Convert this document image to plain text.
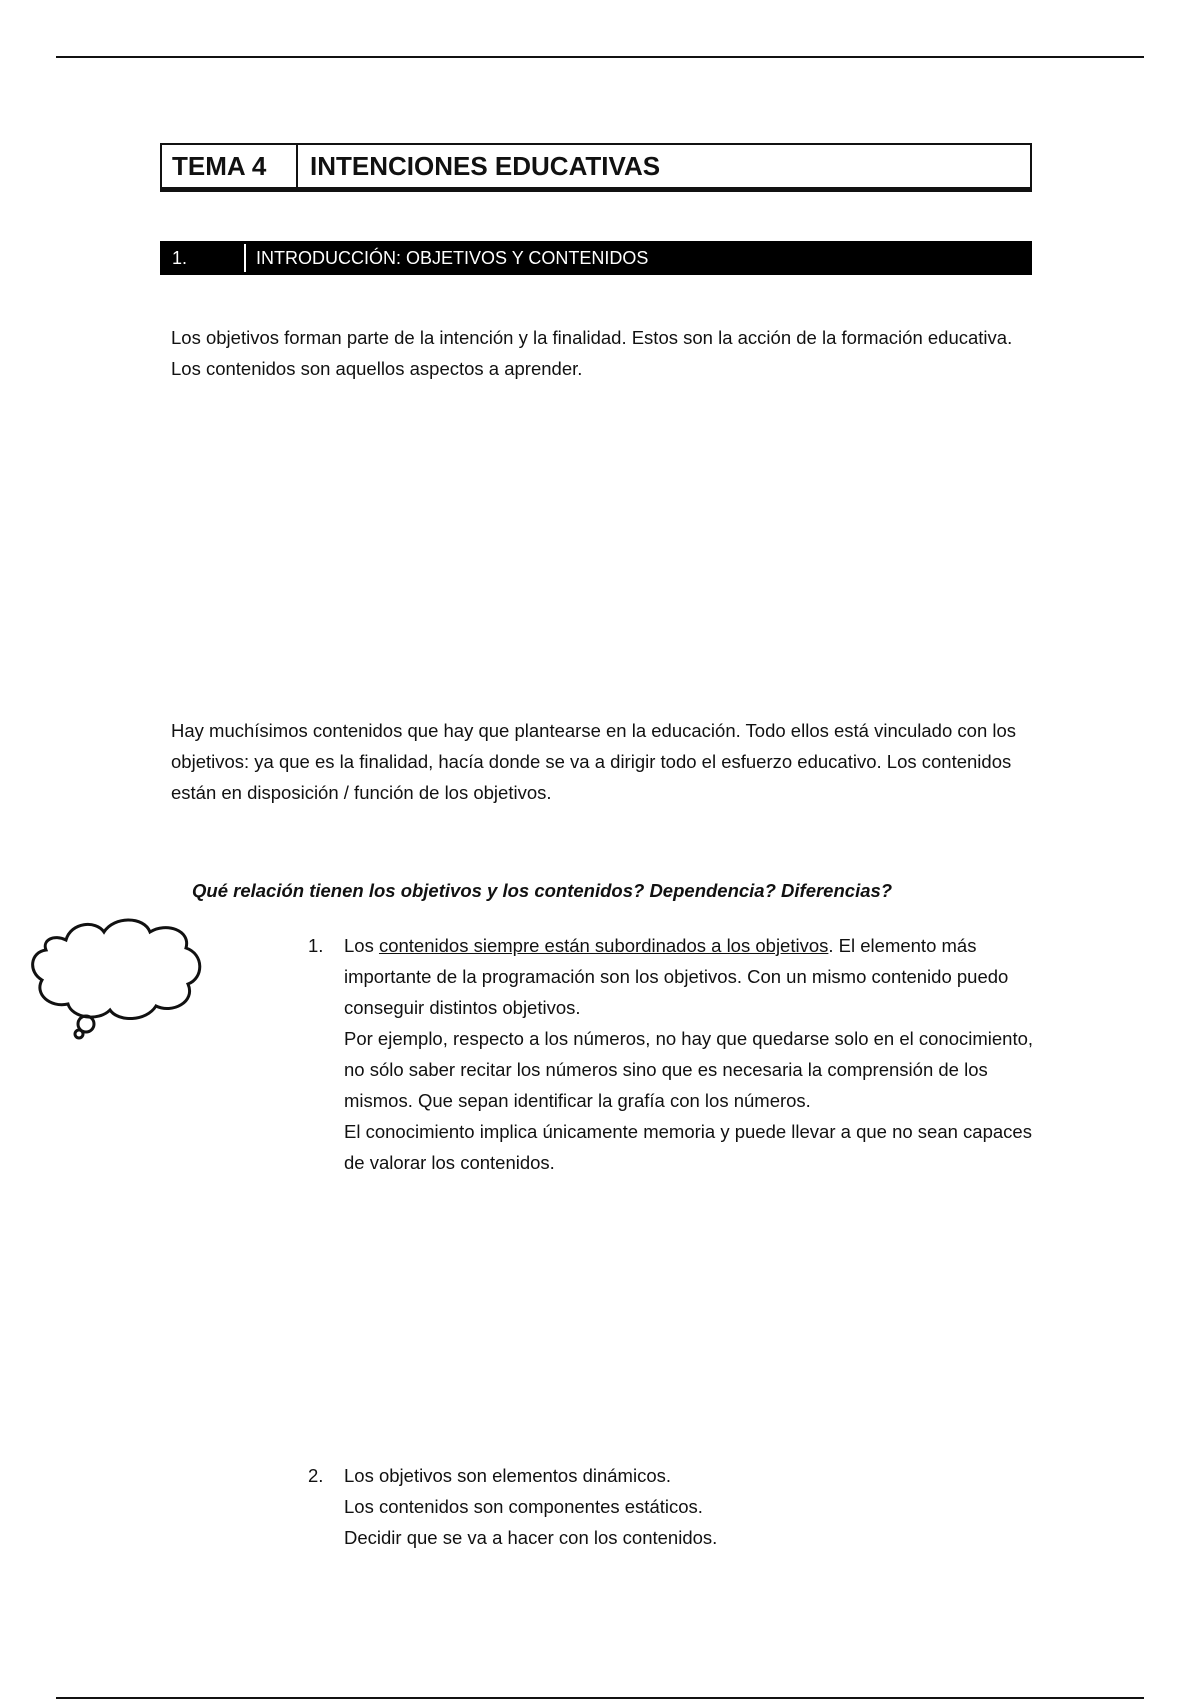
TEMA 4	INTENCIONES EDUCATIVAS
1.	INTRODUCCIÓN: OBJETIVOS Y CONTENIDOS

Los objetivos forman parte de la intención y la finalidad. Estos son la acción de la formación educativa. Los contenidos son aquellos aspectos a aprender.

Hay muchísimos contenidos que hay que plantearse en la educación. Todo ellos está vinculado con los objetivos: ya que es la finalidad, hacía donde se va a dirigir todo el esfuerzo educativo. Los contenidos están en disposición / función de los objetivos.

Qué relación tienen los objetivos y los contenidos? Dependencia? Diferencias?

1.	Los contenidos siempre están subordinados a los objetivos. El elemento más importante de la programación son los objetivos. Con un mismo contenido puedo conseguir distintos objetivos.

Por ejemplo, respecto a los números, no hay que quedarse solo en el conocimiento, no sólo saber recitar los números sino que es necesaria la comprensión de los mismos. Que sepan identificar la grafía con los números.

El conocimiento implica únicamente memoria y puede llevar a que no sean capaces de valorar los contenidos.

2.	Los objetivos son elementos dinámicos.

Los contenidos son componentes estáticos.

Decidir que se va a hacer con los contenidos.
